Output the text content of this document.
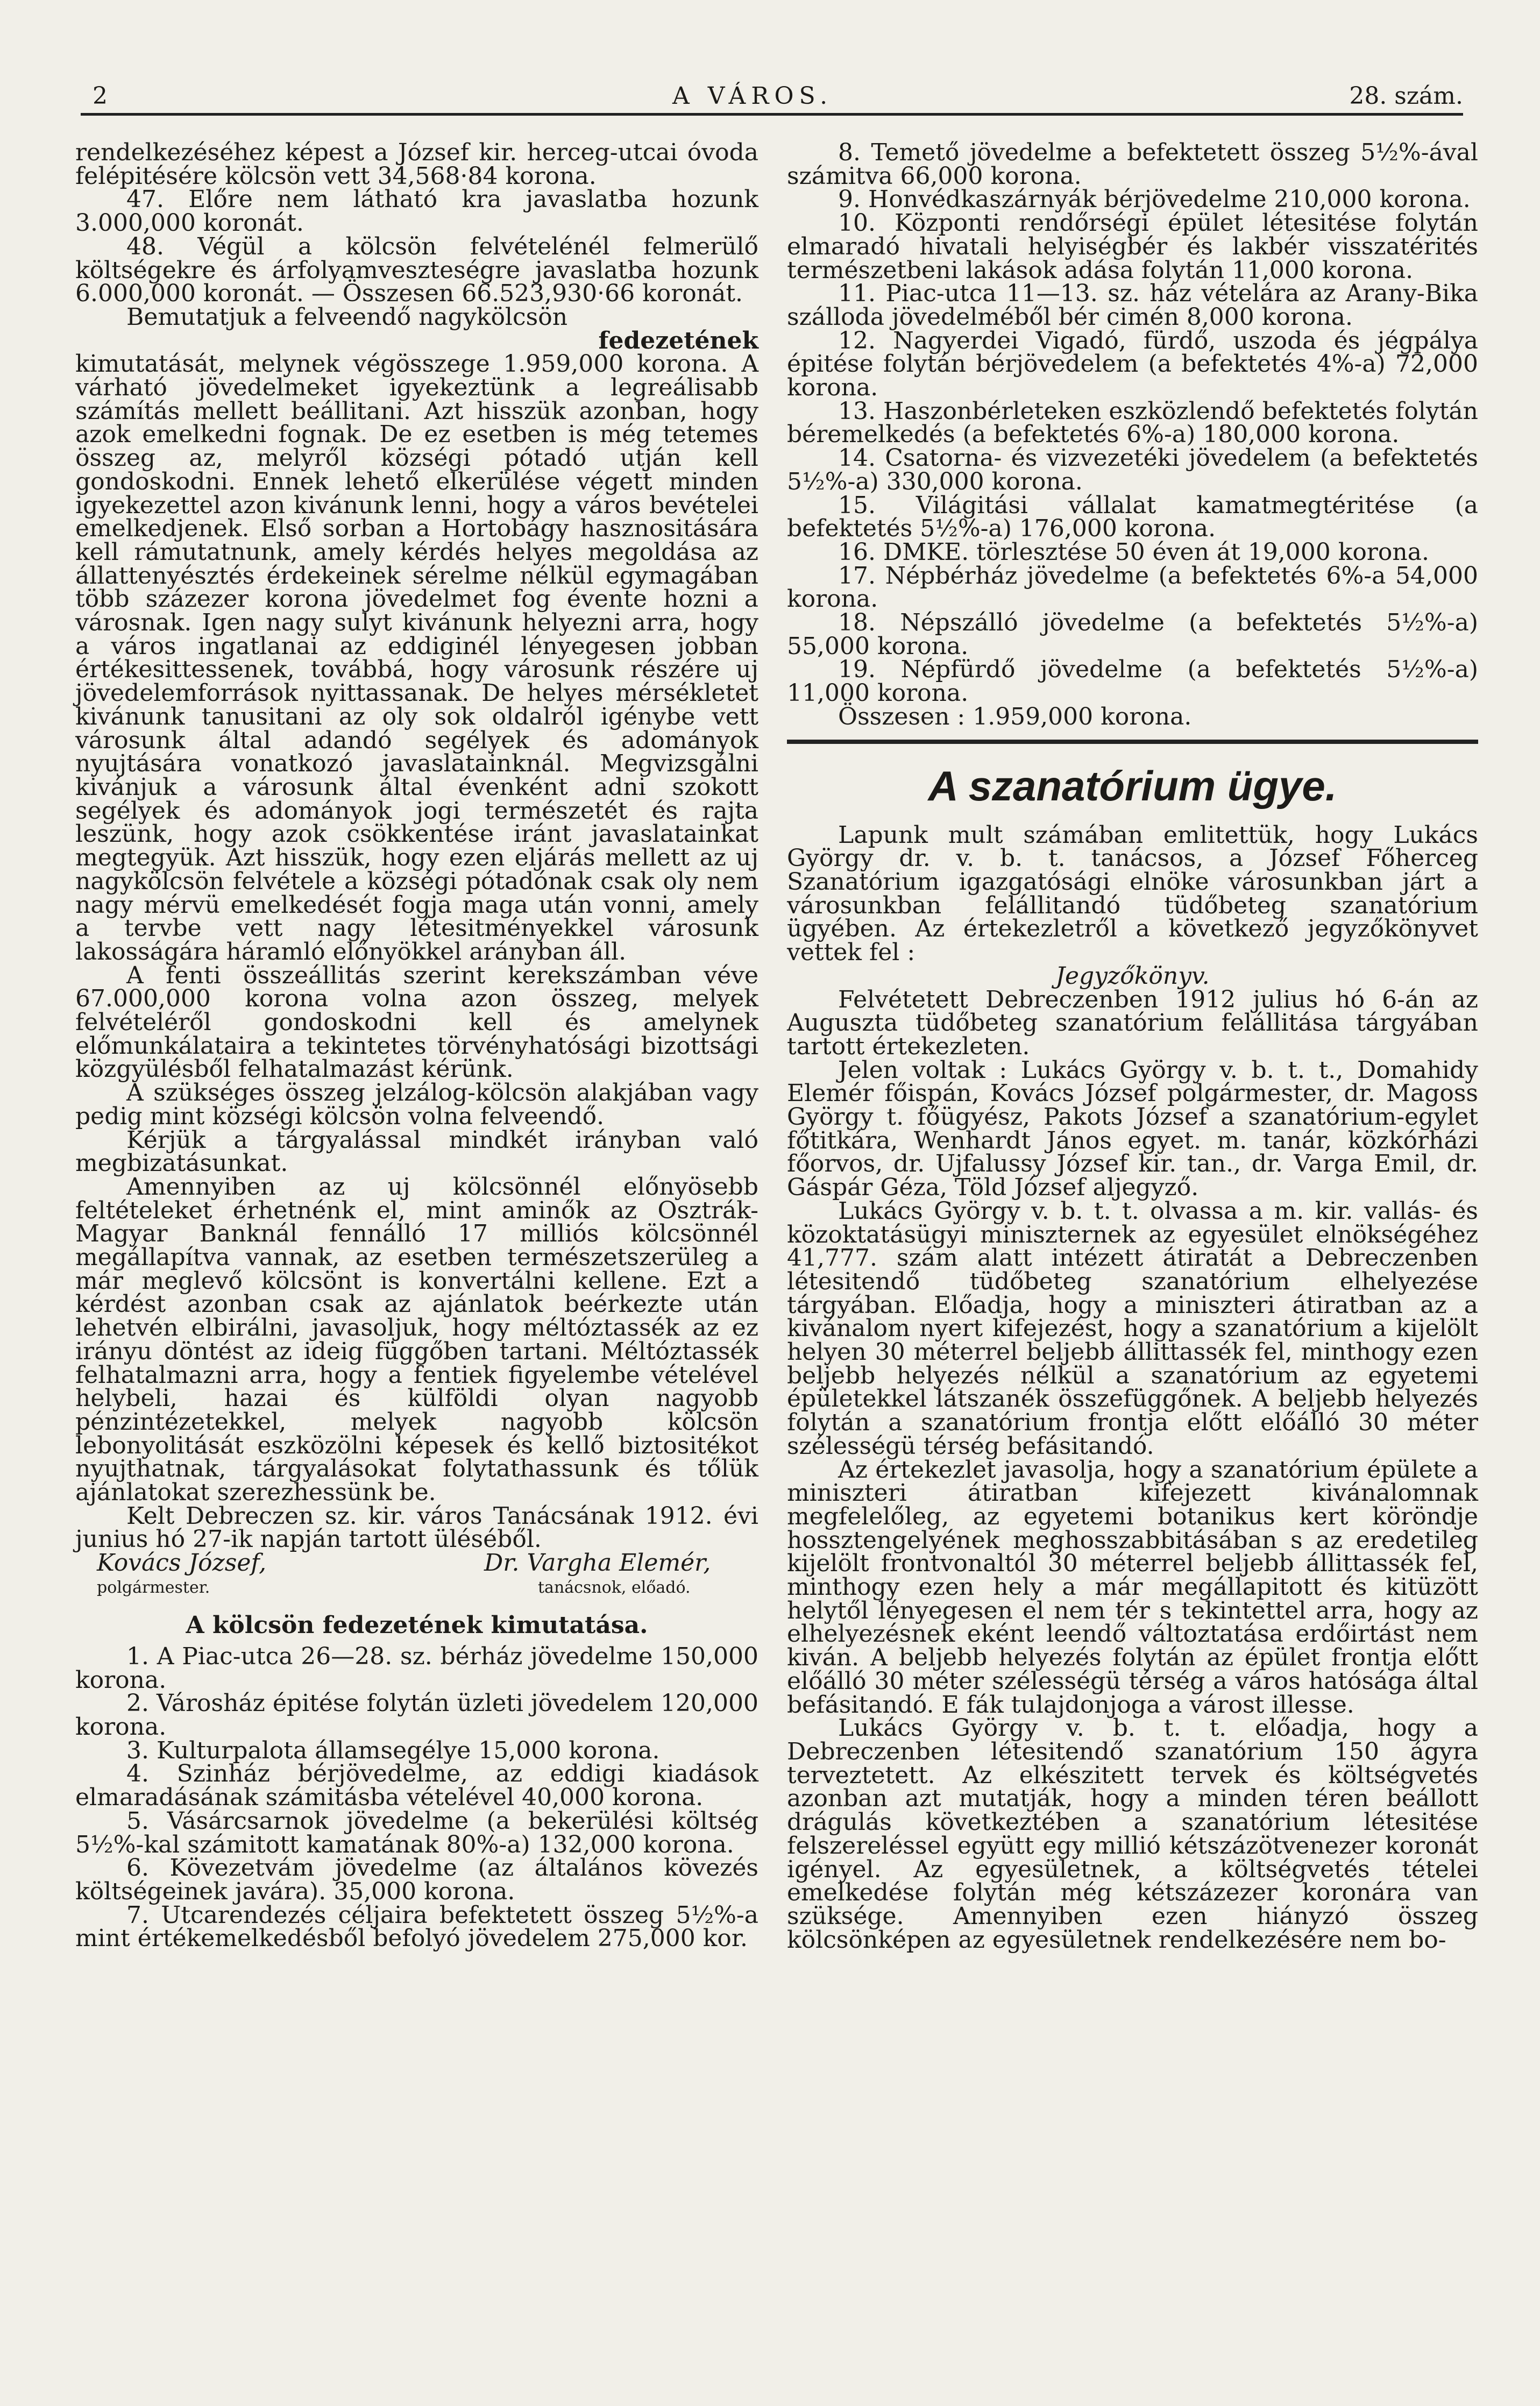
2	A VÁROS.	28. szám.

rendelkezéséhez képest a József kir. herceg-utcai óvoda felépitésére kölcsön vett 34,568·84 korona.

47. Előre nem látható kra javaslatba hozunk 3.000,000 koronát.

48. Végül a kölcsön felvételénél felmerülő költségekre és árfolyamveszteségre javaslatba hozunk 6.000,000 koronát. — Összesen 66.523,930·66 koronát.

Bemutatjuk a felveendő nagykölcsön

fedezetének

kimutatását, melynek végösszege 1.959,000 korona. A várható jövedelmeket igyekeztünk a legreálisabb számítás mellett beállitani. Azt hisszük azonban, hogy azok emelkedni fognak. De ez esetben is még tetemes összeg az, melyről községi pótadó utján kell gondoskodni. Ennek lehető elkerülése végett minden igyekezettel azon kivánunk lenni, hogy a város bevételei emelkedjenek. Első sorban a Hortobágy hasznositására kell rámutatnunk, amely kérdés helyes megoldása az állattenyésztés érdekeinek sérelme nélkül egymagában több százezer korona jövedelmet fog évente hozni a városnak. Igen nagy sulyt kivánunk helyezni arra, hogy a város ingatlanai az eddiginél lényegesen jobban értékesittessenek, továbbá, hogy városunk részére uj jövedelemforrások nyittassanak. De helyes mérsékletet kivánunk tanusitani az oly sok oldalról igénybe vett városunk által adandó segélyek és adományok nyujtására vonatkozó javaslatainknál. Megvizsgálni kivánjuk a városunk által évenként adni szokott segélyek és adományok jogi természetét és rajta leszünk, hogy azok csökkentése iránt javaslatainkat megtegyük. Azt hisszük, hogy ezen eljárás mellett az uj nagykölcsön felvétele a községi pótadónak csak oly nem nagy mérvü emelkedését fogja maga után vonni, amely a tervbe vett nagy létesitményekkel városunk lakosságára háramló előnyökkel arányban áll.

A fenti összeállitás szerint kerekszámban véve 67.000,000 korona volna azon összeg, melyek felvételéről gondoskodni kell és amelynek előmunkálataira a tekintetes törvényhatósági bizottsági közgyülésből felhatalmazást kérünk.

A szükséges összeg jelzálog-kölcsön alakjában vagy pedig mint községi kölcsön volna felveendő.

Kérjük a tárgyalással mindkét irányban való megbizatásunkat.

Amennyiben az uj kölcsönnél előnyösebb feltételeket érhetnénk el, mint aminők az Osztrák-Magyar Banknál fennálló 17 milliós kölcsönnél megállapítva vannak, az esetben természetszerüleg a már meglevő kölcsönt is konvertálni kellene. Ezt a kérdést azonban csak az ajánlatok beérkezte után lehetvén elbirálni, javasoljuk, hogy méltóztassék az ez irányu döntést az ideig függőben tartani. Méltóztassék felhatalmazni arra, hogy a fentiek figyelembe vételével helybeli, hazai és külföldi olyan nagyobb pénzintézetekkel, melyek nagyobb kölcsön lebonyolitását eszközölni képesek és kellő biztositékot nyujthatnak, tárgyalásokat folytathassunk és tőlük ajánlatokat szerezhessünk be.

Kelt Debreczen sz. kir. város Tanácsának 1912. évi junius hó 27-ik napján tartott üléséből.

Kovács József,	Dr. Vargha Elemér,
polgármester.	tanácsnok, előadó.

A kölcsön fedezetének kimutatása.

1. A Piac-utca 26—28. sz. bérház jövedelme 150,000 korona.

2. Városház épitése folytán üzleti jövedelem 120,000 korona.

3. Kulturpalota államsegélye 15,000 korona.

4. Szinház bérjövedelme, az eddigi kiadások elmaradásának számitásba vételével 40,000 korona.

5. Vásárcsarnok jövedelme (a bekerülési költség 5½%-kal számitott kamatának 80%-a) 132,000 korona.

6. Kövezetvám jövedelme (az általános kövezés költségeinek javára). 35,000 korona.

7. Utcarendezés céljaira befektetett összeg 5½%-a mint értékemelkedésből befolyó jövedelem 275,000 kor.

8. Temető jövedelme a befektetett összeg 5½%-ával számitva 66,000 korona.

9. Honvédkaszárnyák bérjövedelme 210,000 korona.

10. Központi rendőrségi épület létesitése folytán elmaradó hivatali helyiségbér és lakbér visszatérités természetbeni lakások adása folytán 11,000 korona.

11. Piac-utca 11—13. sz. ház vételára az Arany-Bika szálloda jövedelméből bér cimén 8,000 korona.

12. Nagyerdei Vigadó, fürdő, uszoda és jégpálya épitése folytán bérjövedelem (a befektetés 4%-a) 72,000 korona.

13. Haszonbérleteken eszközlendő befektetés folytán béremelkedés (a befektetés 6%-a) 180,000 korona.

14. Csatorna- és vizvezetéki jövedelem (a befektetés 5½%-a) 330,000 korona.

15. Világitási vállalat kamatmegtéritése (a befektetés 5½%-a) 176,000 korona.

16. DMKE. törlesztése 50 éven át 19,000 korona.

17. Népbérház jövedelme (a befektetés 6%-a 54,000 korona.

18. Népszálló jövedelme (a befektetés 5½%-a) 55,000 korona.

19. Népfürdő jövedelme (a befektetés 5½%-a) 11,000 korona.

Összesen : 1.959,000 korona.

A szanatórium ügye.

Lapunk mult számában emlitettük, hogy Lukács György dr. v. b. t. tanácsos, a József Főherceg Szanatórium igazgatósági elnöke városunkban járt a városunkban felállitandó tüdőbeteg szanatórium ügyében. Az értekezletről a következő jegyzőkönyvet vettek fel :

Jegyzőkönyv.

Felvétetett Debreczenben 1912 julius hó 6-án az Auguszta tüdőbeteg szanatórium felállitása tárgyában tartott értekezleten.

Jelen voltak : Lukács György v. b. t. t., Domahidy Elemér főispán, Kovács József polgármester, dr. Magoss György t. főügyész, Pakots József a szanatórium-egylet főtitkára, Wenhardt János egyet. m. tanár, közkórházi főorvos, dr. Ujfalussy József kir. tan., dr. Varga Emil, dr. Gáspár Géza, Töld József aljegyző.

Lukács György v. b. t. t. olvassa a m. kir. vallás- és közoktatásügyi miniszternek az egyesület elnökségéhez 41,777. szám alatt intézett átiratát a Debreczenben létesitendő tüdőbeteg szanatórium elhelyezése tárgyában. Előadja, hogy a miniszteri átiratban az a kivánalom nyert kifejezést, hogy a szanatórium a kijelölt helyen 30 méterrel beljebb állittassék fel, minthogy ezen beljebb helyezés nélkül a szanatórium az egyetemi épületekkel látszanék összefüggőnek. A beljebb helyezés folytán a szanatórium frontja előtt előálló 30 méter szélességü térség befásitandó.

Az értekezlet javasolja, hogy a szanatórium épülete a miniszteri átiratban kifejezett kivánalomnak megfelelőleg, az egyetemi botanikus kert köröndje hossztengelyének meghosszabbitásában s az eredetileg kijelölt frontvonaltól 30 méterrel beljebb állittassék fel, minthogy ezen hely a már megállapitott és kitüzött helytől lényegesen el nem tér s tekintettel arra, hogy az elhelyezésnek eként leendő változtatása erdőirtást nem kiván. A beljebb helyezés folytán az épület frontja előtt előálló 30 méter szélességü térség a város hatósága által befásitandó. E fák tulajdonjoga a várost illesse.

Lukács György v. b. t. t. előadja, hogy a Debreczenben létesitendő szanatórium 150 ágyra terveztetett. Az elkészitett tervek és költségvetés azonban azt mutatják, hogy a minden téren beállott drágulás következtében a szanatórium létesitése felszereléssel együtt egy millió kétszázötvenezer koronát igényel. Az egyesületnek, a költségvetés tételei emelkedése folytán még kétszázezer koronára van szüksége. Amennyiben ezen hiányzó összeg kölcsönképen az egyesületnek rendelkezésére nem bo-
